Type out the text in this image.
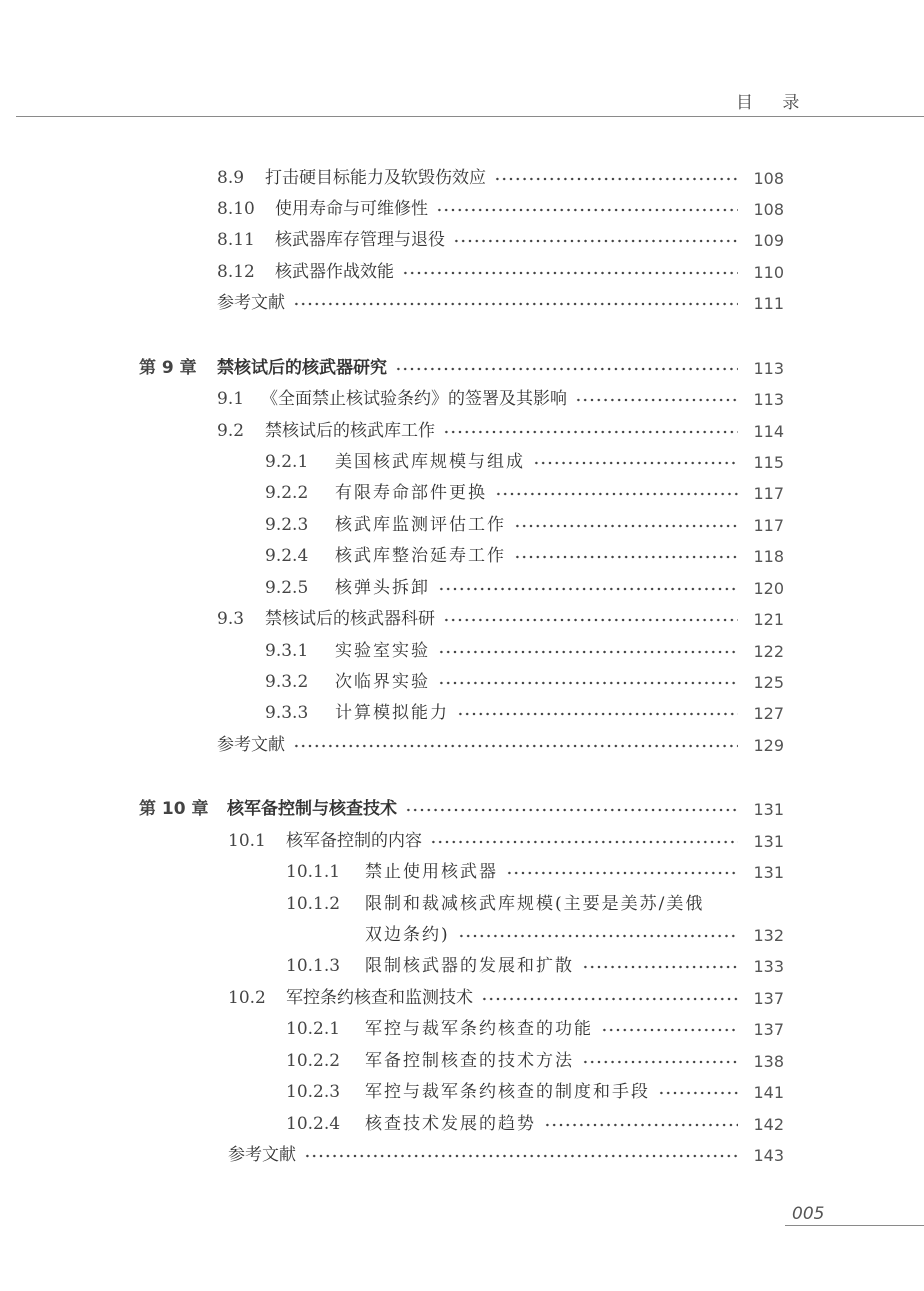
目 录
8.9	打击硬目标能力及软毁伤效应	108
8.10	使用寿命与可维修性	108
8.11	核武器库存管理与退役	109
8.12	核武器作战效能	110
参考文献	111
第 9 章	禁核试后的核武器研究	113
9.1 《全面禁止核试验条约》的签署及其影响	113
9.2	禁核试后的核武库工作	114
9.2.1	美国核武库规模与组成	115
9.2.2	有限寿命部件更换	117
9.2.3	核武库监测评估工作	117
9.2.4	核武库整治延寿工作	118
9.2.5	核弹头拆卸	120
9.3	禁核试后的核武器科研	121
9.3.1	实验室实验	122
9.3.2	次临界实验	125
9.3.3	计算模拟能力	127
参考文献	129
第 10 章	核军备控制与核查技术	131
10.1	核军备控制的内容	131
10.1.1	禁止使用核武器	131
10.1.2	限制和裁减核武库规模(主要是美苏/美俄
双边条约)	132
10.1.3	限制核武器的发展和扩散	133
10.2	军控条约核查和监测技术	137
10.2.1	军控与裁军条约核查的功能	137
10.2.2	军备控制核查的技术方法	138
10.2.3	军控与裁军条约核查的制度和手段	141
10.2.4	核查技术发展的趋势	142
参考文献	143
005
